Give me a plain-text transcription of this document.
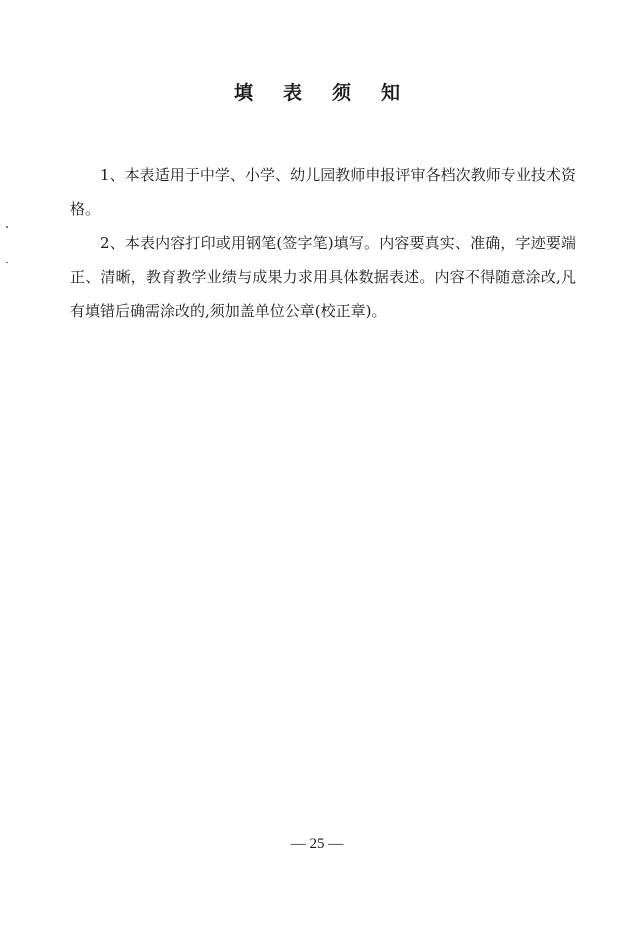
填表须知

1、本表适用于中学、小学、幼儿园教师申报评审各档次教师专业技术资格。

2、本表内容打印或用钢笔(签字笔)填写。内容要真实、准确，字迹要端正、清晰，教育教学业绩与成果力求用具体数据表述。内容不得随意涂改,凡有填错后确需涂改的,须加盖单位公章(校正章)。

— 25 —
